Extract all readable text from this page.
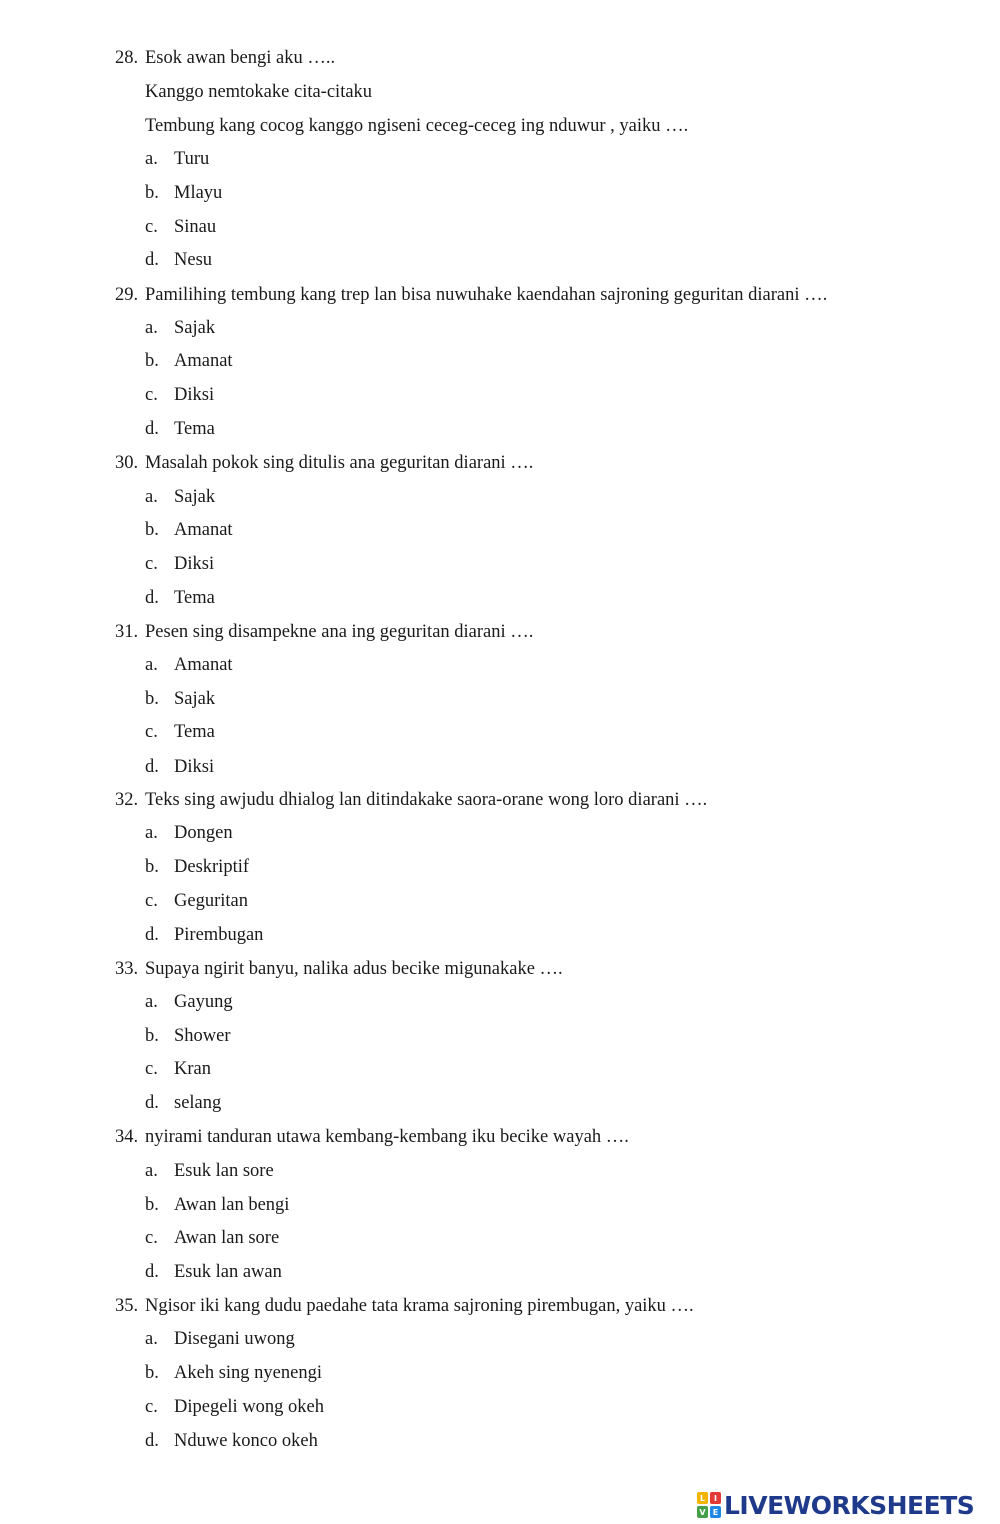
28. Esok awan bengi aku …..
Kanggo nemtokake cita-citaku
Tembung kang cocog kanggo ngiseni ceceg-ceceg ing nduwur , yaiku ….
a. Turu
b. Mlayu
c. Sinau
d. Nesu
29. Pamilihing tembung kang trep lan bisa nuwuhake kaendahan sajroning geguritan diarani ….
a. Sajak
b. Amanat
c. Diksi
d. Tema
30. Masalah pokok sing ditulis ana geguritan diarani ….
a. Sajak
b. Amanat
c. Diksi
d. Tema
31. Pesen sing disampekne ana ing geguritan diarani ….
a. Amanat
b. Sajak
c. Tema
d. Diksi
32. Teks sing awjudu dhialog lan ditindakake saora-orane wong loro diarani ….
a. Dongen
b. Deskriptif
c. Geguritan
d. Pirembugan
33. Supaya ngirit banyu, nalika adus becike migunakake ….
a. Gayung
b. Shower
c. Kran
d. selang
34. nyirami tanduran utawa kembang-kembang iku becike wayah ….
a. Esuk lan sore
b. Awan lan bengi
c. Awan lan sore
d. Esuk lan awan
35. Ngisor iki kang dudu paedahe tata krama sajroning pirembugan, yaiku ….
a. Disegani uwong
b. Akeh sing nyenengi
c. Dipegeli wong okeh
d. Nduwe konco okeh
L	I
V E LIVEWORKSHEETS
